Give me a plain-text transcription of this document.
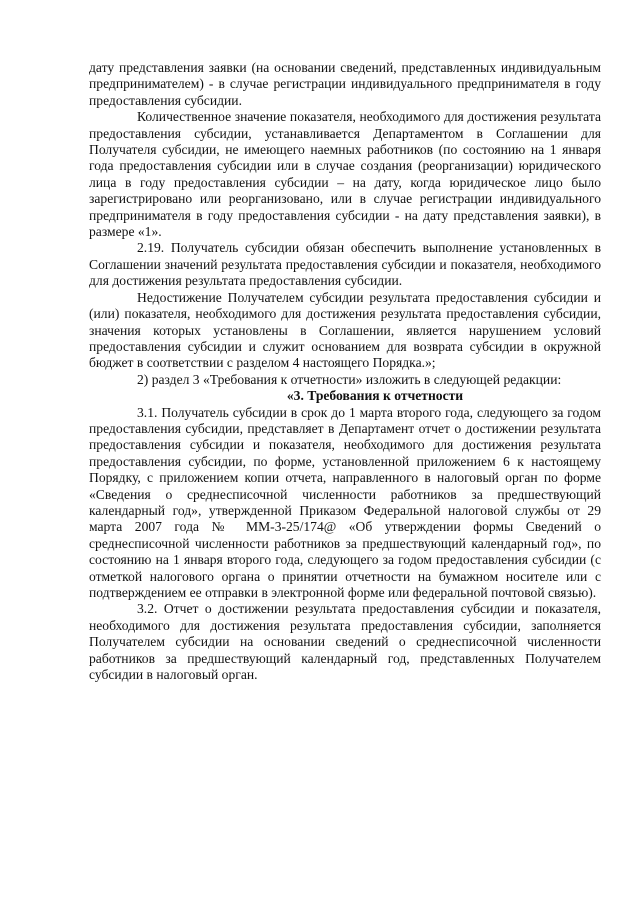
дату представления заявки (на основании сведений, представленных индивидуальным предпринимателем) - в случае регистрации индивидуального предпринимателя в году предоставления субсидии.

Количественное значение показателя, необходимого для достижения результата предоставления субсидии, устанавливается Департаментом в Соглашении для Получателя субсидии, не имеющего наемных работников (по состоянию на 1 января года предоставления субсидии или в случае создания (реорганизации) юридического лица в году предоставления субсидии – на дату, когда юридическое лицо было зарегистрировано или реорганизовано, или в случае регистрации индивидуального предпринимателя в году предоставления субсидии - на дату представления заявки), в размере «1».

2.19. Получатель субсидии обязан обеспечить выполнение установленных в Соглашении значений результата предоставления субсидии и показателя, необходимого для достижения результата предоставления субсидии.

Недостижение Получателем субсидии результата предоставления субсидии и (или) показателя, необходимого для достижения результата предоставления субсидии, значения которых установлены в Соглашении, является нарушением условий предоставления субсидии и служит основанием для возврата субсидии в окружной бюджет в соответствии с разделом 4 настоящего Порядка.»;

2) раздел 3 «Требования к отчетности» изложить в следующей редакции:

«3. Требования к отчетности

3.1. Получатель субсидии в срок до 1 марта второго года, следующего за годом предоставления субсидии, представляет в Департамент отчет о достижении результата предоставления субсидии и показателя, необходимого для достижения результата предоставления субсидии, по форме, установленной приложением 6 к настоящему Порядку, с приложением копии отчета, направленного в налоговый орган по форме «Сведения о среднесписочной численности работников за предшествующий календарный год», утвержденной Приказом Федеральной налоговой службы от 29 марта 2007 года № ММ-3-25/174@ «Об утверждении формы Сведений о среднесписочной численности работников за предшествующий календарный год», по состоянию на 1 января второго года, следующего за годом предоставления субсидии (с отметкой налогового органа о принятии отчетности на бумажном носителе или с подтверждением ее отправки в электронной форме или федеральной почтовой связью).

3.2. Отчет о достижении результата предоставления субсидии и показателя, необходимого для достижения результата предоставления субсидии, заполняется Получателем субсидии на основании сведений о среднесписочной численности работников за предшествующий календарный год, представленных Получателем субсидии в налоговый орган.
